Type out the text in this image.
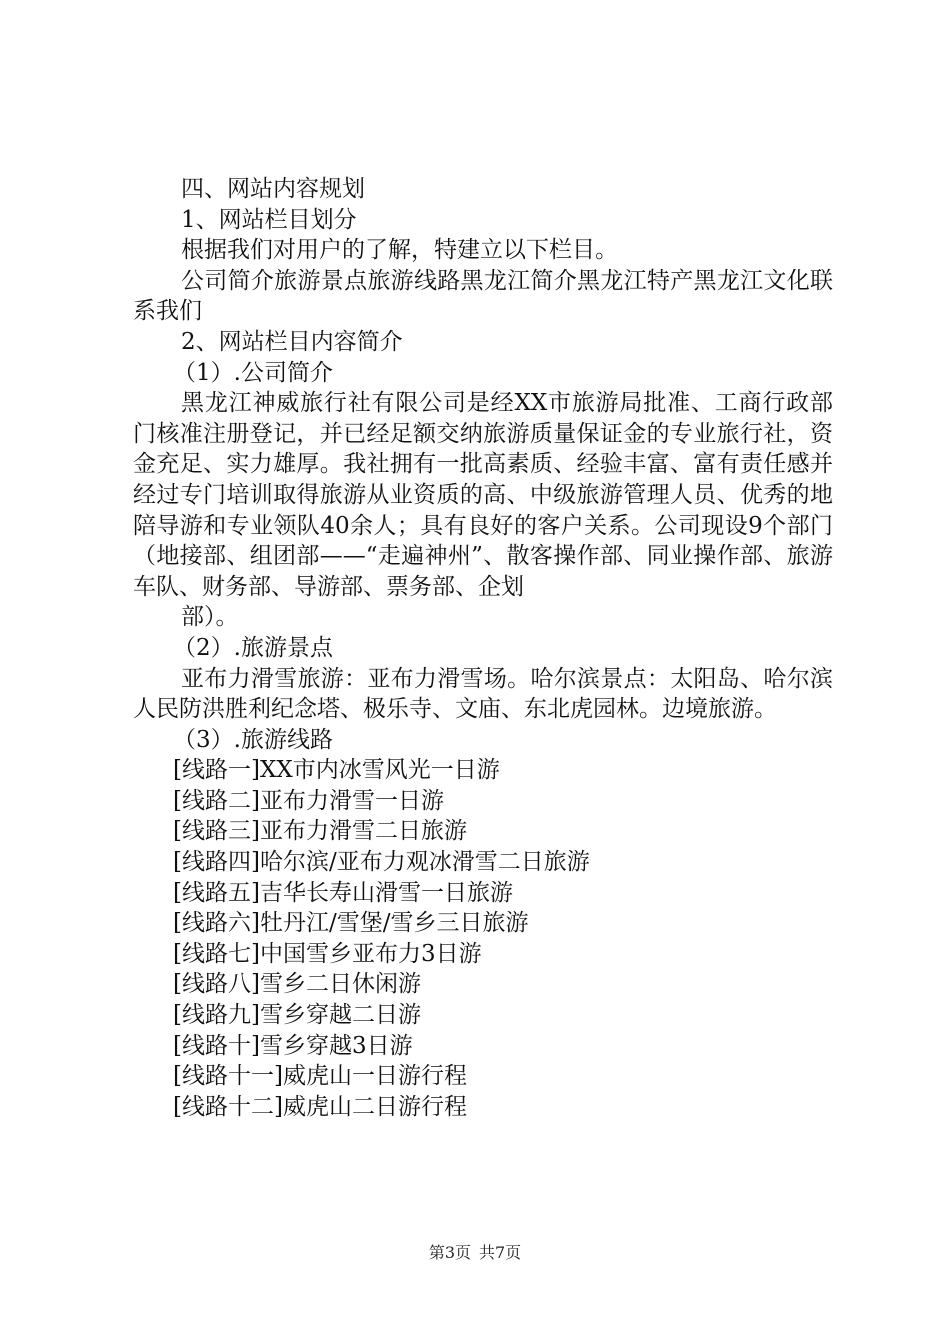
四、网站内容规划

1、网站栏目划分

根据我们对用户的了解，特建立以下栏目。

公司简介旅游景点旅游线路黑龙江简介黑龙江特产黑龙江文化联系我们

2、网站栏目内容简介

（1）.公司简介

黑龙江神威旅行社有限公司是经XX市旅游局批准、工商行政部门核准注册登记，并已经足额交纳旅游质量保证金的专业旅行社，资金充足、实力雄厚。我社拥有一批高素质、经验丰富、富有责任感并经过专门培训取得旅游从业资质的高、中级旅游管理人员、优秀的地陪导游和专业领队40余人；具有良好的客户关系。公司现设9个部门（地接部、组团部——“走遍神州”、散客操作部、同业操作部、旅游车队、财务部、导游部、票务部、企划

部）。

（2）.旅游景点

亚布力滑雪旅游：亚布力滑雪场。哈尔滨景点：太阳岛、哈尔滨人民防洪胜利纪念塔、极乐寺、文庙、东北虎园林。边境旅游。

（3）.旅游线路

[线路一]XX市内冰雪风光一日游

[线路二]亚布力滑雪一日游

[线路三]亚布力滑雪二日旅游

[线路四]哈尔滨/亚布力观冰滑雪二日旅游

[线路五]吉华长寿山滑雪一日旅游

[线路六]牡丹江/雪堡/雪乡三日旅游

[线路七]中国雪乡亚布力3日游

[线路八]雪乡二日休闲游

[线路九]雪乡穿越二日游

[线路十]雪乡穿越3日游

[线路十一]威虎山一日游行程

[线路十二]威虎山二日游行程

第3页 共7页
